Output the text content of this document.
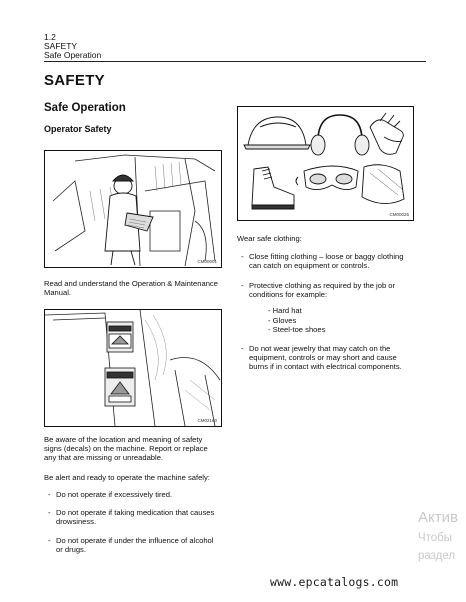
1.2
SAFETY
Safe Operation
SAFETY
Safe Operation
Operator Safety
CM00001
Read and understand the Operation & Maintenance Manual.
CM02160
Be aware of the location and meaning of safety signs (decals) on the machine. Report or replace any that are missing or unreadable.
Be alert and ready to operate the machine safely:
- Do not operate if excessively tired.
- Do not operate if taking medication that causes drowsiness.
- Do not operate if under the influence of alcohol or drugs.
CM00026
Wear safe clothing:
- Close fitting clothing – loose or baggy clothing can catch on equipment or controls.
- Protective clothing as required by the job or conditions for example:
- Hard hat
- Gloves
- Steel-toe shoes
- Do not wear jewelry that may catch on the equipment, controls or may short and cause burns if in contact with electrical components.
Актив
Чтобы
раздел
www.epcatalogs.com
